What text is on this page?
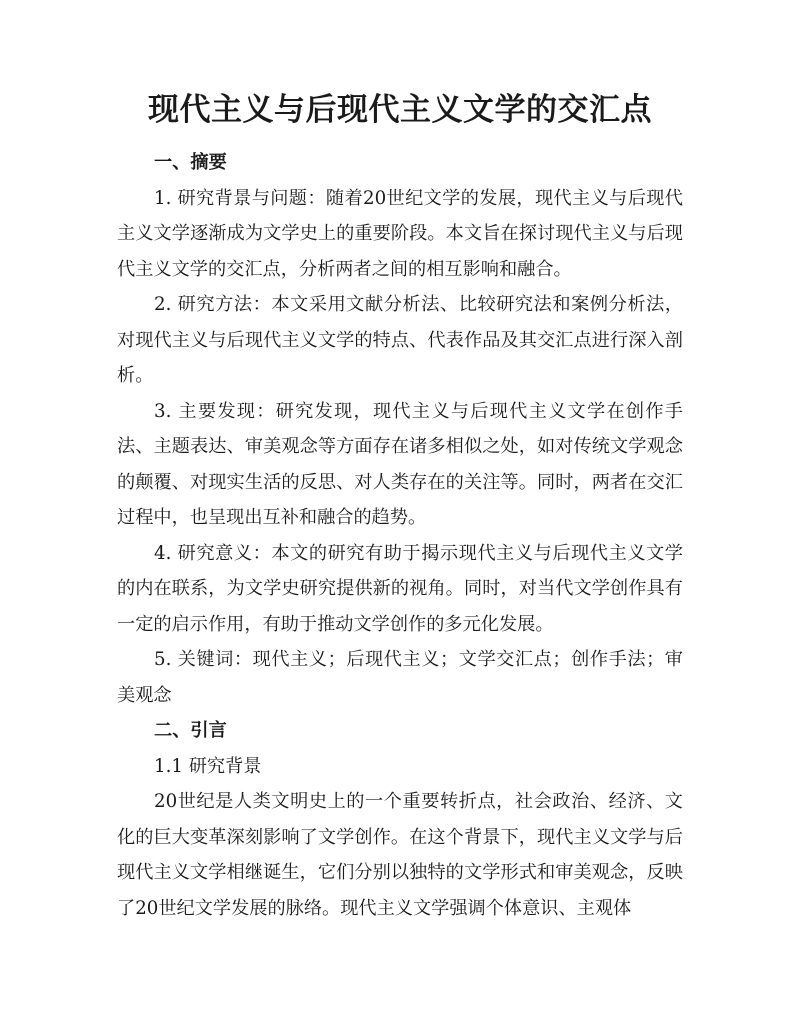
现代主义与后现代主义文学的交汇点
一、摘要

1. 研究背景与问题：随着20世纪文学的发展，现代主义与后现代主义文学逐渐成为文学史上的重要阶段。本文旨在探讨现代主义与后现代主义文学的交汇点，分析两者之间的相互影响和融合。

2. 研究方法：本文采用文献分析法、比较研究法和案例分析法，对现代主义与后现代主义文学的特点、代表作品及其交汇点进行深入剖析。

3. 主要发现：研究发现，现代主义与后现代主义文学在创作手法、主题表达、审美观念等方面存在诸多相似之处，如对传统文学观念的颠覆、对现实生活的反思、对人类存在的关注等。同时，两者在交汇过程中，也呈现出互补和融合的趋势。

4. 研究意义：本文的研究有助于揭示现代主义与后现代主义文学的内在联系，为文学史研究提供新的视角。同时，对当代文学创作具有一定的启示作用，有助于推动文学创作的多元化发展。

5. 关键词：现代主义；后现代主义；文学交汇点；创作手法；审美观念

二、引言

1.1 研究背景

20世纪是人类文明史上的一个重要转折点，社会政治、经济、文化的巨大变革深刻影响了文学创作。在这个背景下，现代主义文学与后现代主义文学相继诞生，它们分别以独特的文学形式和审美观念，反映了20世纪文学发展的脉络。现代主义文学强调个体意识、主观体
